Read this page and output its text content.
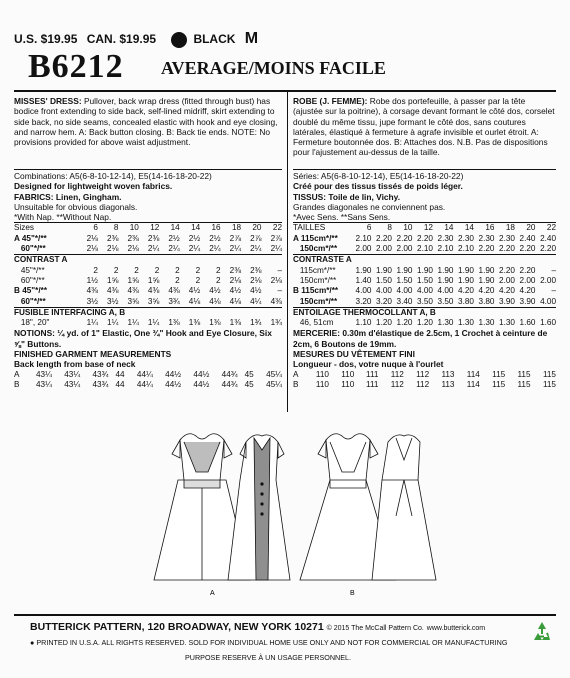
U.S. $19.95 CAN. $19.95	BLACK M
B6212 AVERAGE/MOINS FACILE
MISSES' DRESS: Pullover, back wrap dress (fitted through bust) has bodice front extending to side back, self-lined midriff, skirt extending to side back, no side seams, concealed elastic with hook and eye closing, and narrow hem. A: Back button closing. B: Back tie ends. NOTE: No provisions provided for above waist adjustment.
Combinations: A5(6-8-10-12-14), E5(14-16-18-20-22)
Designed for lightweight woven fabrics.
FABRICS: Linen, Gingham.
Unsuitable for obvious diagonals.
*With Nap. **Without Nap.
Sizes	6	8	10	12	14	14	16	18	20	22
A 45"*/**	2⅛	2⅜	2⅜	2⅜	2½	2½	2½	2⅞	2⅞	2⅞
60"*/**	2⅛	2⅛	2⅛	2¼	2¼	2¼	2¼	2¼	2¼	2¼
CONTRAST A										
45"*/**	2	2	2	2	2	2	2	2⅜	2⅜	–
60"*/**	1½	1⅝	1⅝	1⅝	2	2	2	2⅛	2⅛	2⅛
B 45"*/**	4⅜	4⅜	4⅜	4⅜	4⅜	4½	4½	4½	4½	–
60"*/**	3½	3½	3⅝	3⅝	3¾	4⅛	4⅛	4⅛	4¼	4⅜
FUSIBLE INTERFACING A, B										
18", 20"	1¼	1¼	1¼	1¼	1⅜	1⅜	1⅜	1⅜	1¾	1¾
NOTIONS: ¼ yd. of 1" Elastic, One ¾" Hook and Eye Closure, Six ⅝" Buttons.
FINISHED GARMENT MEASUREMENTS
Back length from base of neck
A	43¼	43¼	43¾	44	44¼	44½	44½	44¾	45	45¼
B	43¼	43¼	43¾	44	44¼	44½	44½	44¾	45	45¼
ROBE (J. FEMME): Robe dos portefeuille, à passer par la tête (ajustée sur la poitrine), à corsage devant formant le côté dos, corselet doublé du même tissu, jupe formant le côté dos, sans coutures latérales, élastiqué à fermeture à agrafe invisible et ourlet étroit. A: Fermeture boutonnée dos. B: Attaches dos. N.B. Pas de dispositions pour l'ajustement au-dessus de la taille.
Séries: A5(6-8-10-12-14), E5(14-16-18-20-22)
Créé pour des tissus tissés de poids léger.
TISSUS: Toile de lin, Vichy.
Grandes diagonales ne conviennent pas.
*Avec Sens. **Sans Sens.
TAILLES	6	8	10	12	14	14	16	18	20	22
A 115cm*/**	2.10	2.20	2.20	2.20	2.30	2.30	2.30	2.30	2.40	2.40
150cm*/**	2.00	2.00	2.00	2.10	2.10	2.10	2.20	2.20	2.20	2.20
CONTRASTE A										
115cm*/**	1.90	1.90	1.90	1.90	1.90	1.90	1.90	2.20	2.20	–
150cm*/**	1.40	1.50	1.50	1.50	1.90	1.90	1.90	2.00	2.00	2.00
B 115cm*/**	4.00	4.00	4.00	4.00	4.00	4.20	4.20	4.20	4.20	–
150cm*/**	3.20	3.20	3.40	3.50	3.50	3.80	3.80	3.90	3.90	4.00
ENTOILAGE THERMOCOLLANT A, B										
46, 51cm	1.10	1.20	1.20	1.20	1.30	1.30	1.30	1.30	1.60	1.60
MERCERIE: 0.30m d'élastique de 2.5cm, 1 Crochet à ceinture de 2cm, 6 Boutons de 19mm.
MESURES DU VÊTEMENT FINI
Longueur - dos, votre nuque à l'ourlet
A	110	110	111	112	112	113	114	115	115	115
B	110	110	111	112	112	113	114	115	115	115
A	B
BUTTERICK PATTERN, 120 BROADWAY, NEW YORK 10271 © 2015 The McCall Pattern Co. www.butterick.com
● PRINTED IN U.S.A. ALL RIGHTS RESERVED. SOLD FOR INDIVIDUAL HOME USE ONLY AND NOT FOR COMMERCIAL OR MANUFACTURING
PURPOSE RESERVE À UN USAGE PERSONNEL.
